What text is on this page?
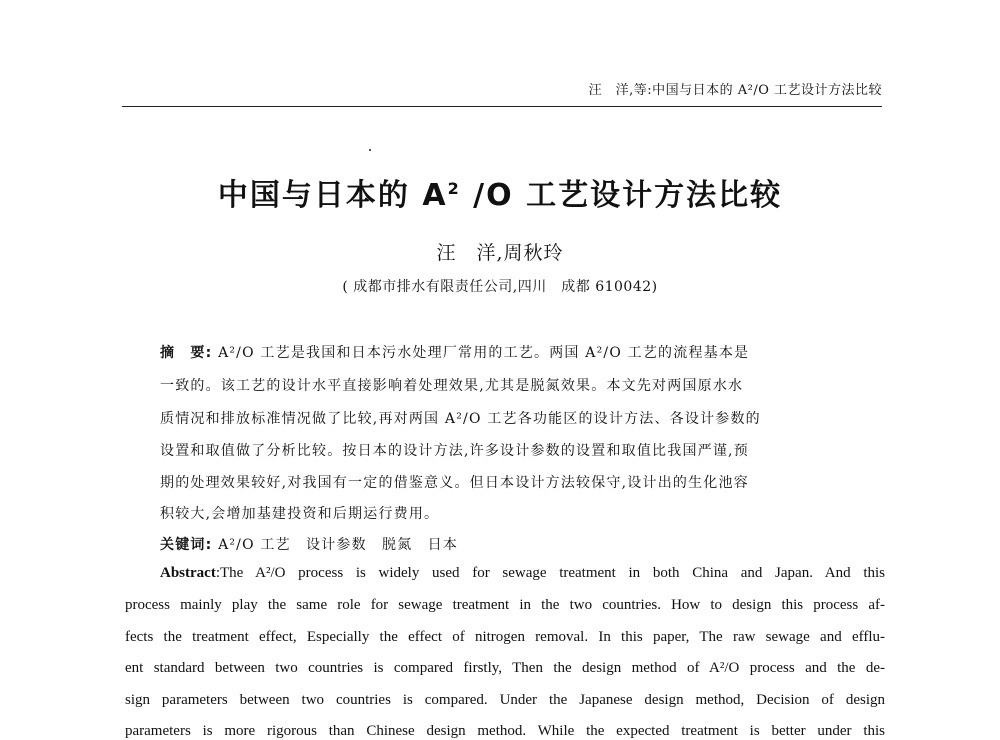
汪　洋,等:中国与日本的 A²/O 工艺设计方法比较
中国与日本的 $A^2$ /O 工艺设计方法比较
汪　洋,周秋玲
( 成都市排水有限责任公司,四川　成都 610042)
摘　要: A²/O 工艺是我国和日本污水处理厂常用的工艺。两国 A²/O 工艺的流程基本是
一致的。该工艺的设计水平直接影响着处理效果,尤其是脱氮效果。本文先对两国原水水
质情况和排放标准情况做了比较,再对两国 A²/O 工艺各功能区的设计方法、各设计参数的
设置和取值做了分析比较。按日本的设计方法,许多设计参数的设置和取值比我国严谨,预
期的处理效果较好,对我国有一定的借鉴意义。但日本设计方法较保守,设计出的生化池容
积较大,会增加基建投资和后期运行费用。
关键词: A²/O 工艺　设计参数　脱氮　日本
Abstract:The A²/O process is widely used for sewage treatment in both China and Japan. And this
process mainly play the same role for sewage treatment in the two countries. How to design this process af-
fects the treatment effect, Especially the effect of nitrogen removal. In this paper, The raw sewage and efflu-
ent standard between two countries is compared firstly, Then the design method of A²/O process and the de-
sign parameters between two countries is compared. Under the Japanese design method, Decision of design
parameters is more rigorous than Chinese design method. While the expected treatment is better under this
